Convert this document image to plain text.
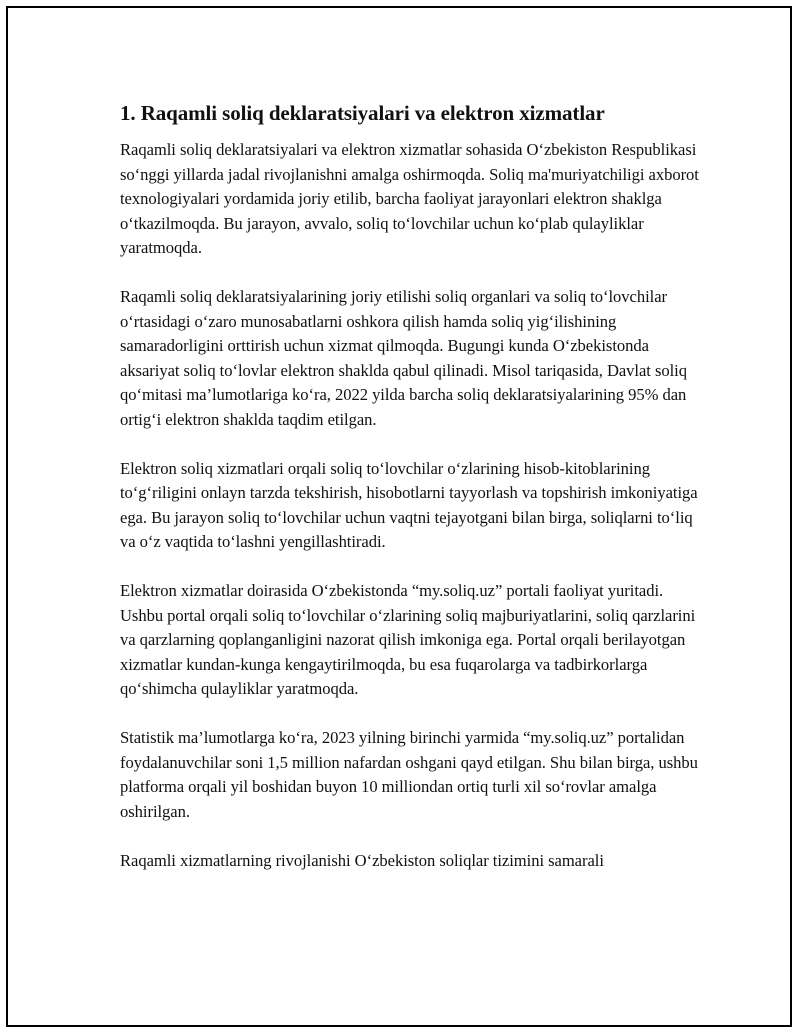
1. Raqamli soliq deklaratsiyalari va elektron xizmatlar

Raqamli soliq deklaratsiyalari va elektron xizmatlar sohasida O‘zbekiston Respublikasi so‘nggi yillarda jadal rivojlanishni amalga oshirmoqda. Soliq ma'muriyatchiligi axborot texnologiyalari yordamida joriy etilib, barcha faoliyat jarayonlari elektron shaklga o‘tkazilmoqda. Bu jarayon, avvalo, soliq to‘lovchilar uchun ko‘plab qulayliklar yaratmoqda.

Raqamli soliq deklaratsiyalarining joriy etilishi soliq organlari va soliq to‘lovchilar o‘rtasidagi o‘zaro munosabatlarni oshkora qilish hamda soliq yig‘ilishining samaradorligini orttirish uchun xizmat qilmoqda. Bugungi kunda O‘zbekistonda aksariyat soliq to‘lovlar elektron shaklda qabul qilinadi. Misol tariqasida, Davlat soliq qo‘mitasi ma’lumotlariga ko‘ra, 2022 yilda barcha soliq deklaratsiyalarining 95% dan ortig‘i elektron shaklda taqdim etilgan.

Elektron soliq xizmatlari orqali soliq to‘lovchilar o‘zlarining hisob-kitoblarining to‘g‘riligini onlayn tarzda tekshirish, hisobotlarni tayyorlash va topshirish imkoniyatiga ega. Bu jarayon soliq to‘lovchilar uchun vaqtni tejayotgani bilan birga, soliqlarni to‘liq va o‘z vaqtida to‘lashni yengillashtiradi.

Elektron xizmatlar doirasida O‘zbekistonda “my.soliq.uz” portali faoliyat yuritadi. Ushbu portal orqali soliq to‘lovchilar o‘zlarining soliq majburiyatlarini, soliq qarzlarini va qarzlarning qoplanganligini nazorat qilish imkoniga ega. Portal orqali berilayotgan xizmatlar kundan-kunga kengaytirilmoqda, bu esa fuqarolarga va tadbirkorlarga qo‘shimcha qulayliklar yaratmoqda.

Statistik ma’lumotlarga ko‘ra, 2023 yilning birinchi yarmida “my.soliq.uz” portalidan foydalanuvchilar soni 1,5 million nafardan oshgani qayd etilgan. Shu bilan birga, ushbu platforma orqali yil boshidan buyon 10 milliondan ortiq turli xil so‘rovlar amalga oshirilgan.

Raqamli xizmatlarning rivojlanishi O‘zbekiston soliqlar tizimini samarali
